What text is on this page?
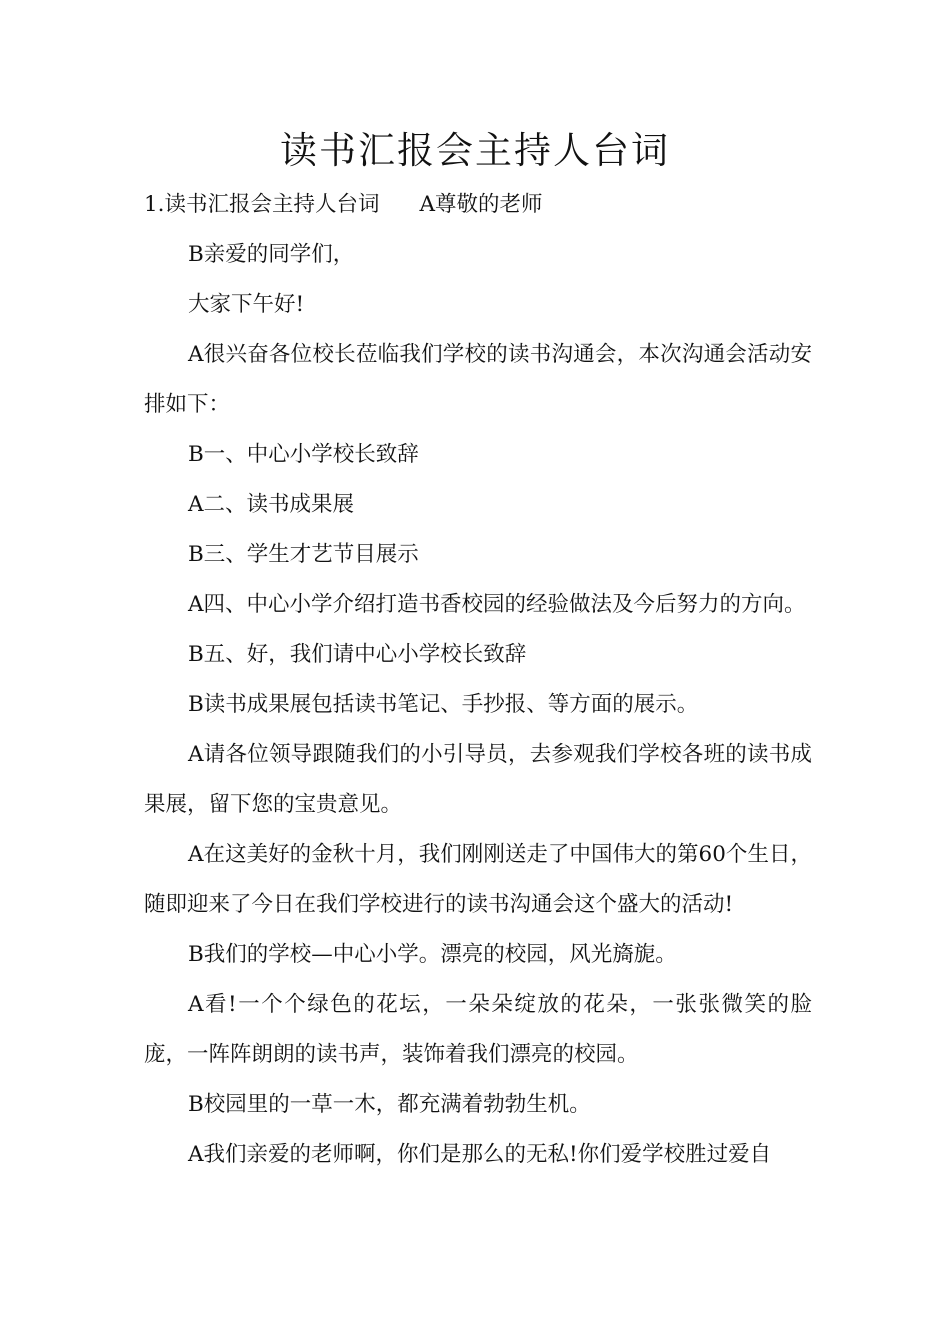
读书汇报会主持人台词

1.读书汇报会主持人台词 A尊敬的老师

B亲爱的同学们，

大家下午好!

A很兴奋各位校长莅临我们学校的读书沟通会，本次沟通会活动安排如下：

B一、中心小学校长致辞

A二、读书成果展

B三、学生才艺节目展示

A四、中心小学介绍打造书香校园的经验做法及今后努力的方向。

B五、好，我们请中心小学校长致辞

B读书成果展包括读书笔记、手抄报、等方面的展示。

A请各位领导跟随我们的小引导员，去参观我们学校各班的读书成果展，留下您的宝贵意见。

A在这美好的金秋十月，我们刚刚送走了中国伟大的第60个生日，随即迎来了今日在我们学校进行的读书沟通会这个盛大的活动!

B我们的学校—中心小学。漂亮的校园，风光旖旎。

A看!一个个绿色的花坛，一朵朵绽放的花朵，一张张微笑的脸庞，一阵阵朗朗的读书声，装饰着我们漂亮的校园。

B校园里的一草一木，都充满着勃勃生机。

A我们亲爱的老师啊，你们是那么的无私!你们爱学校胜过爱自
